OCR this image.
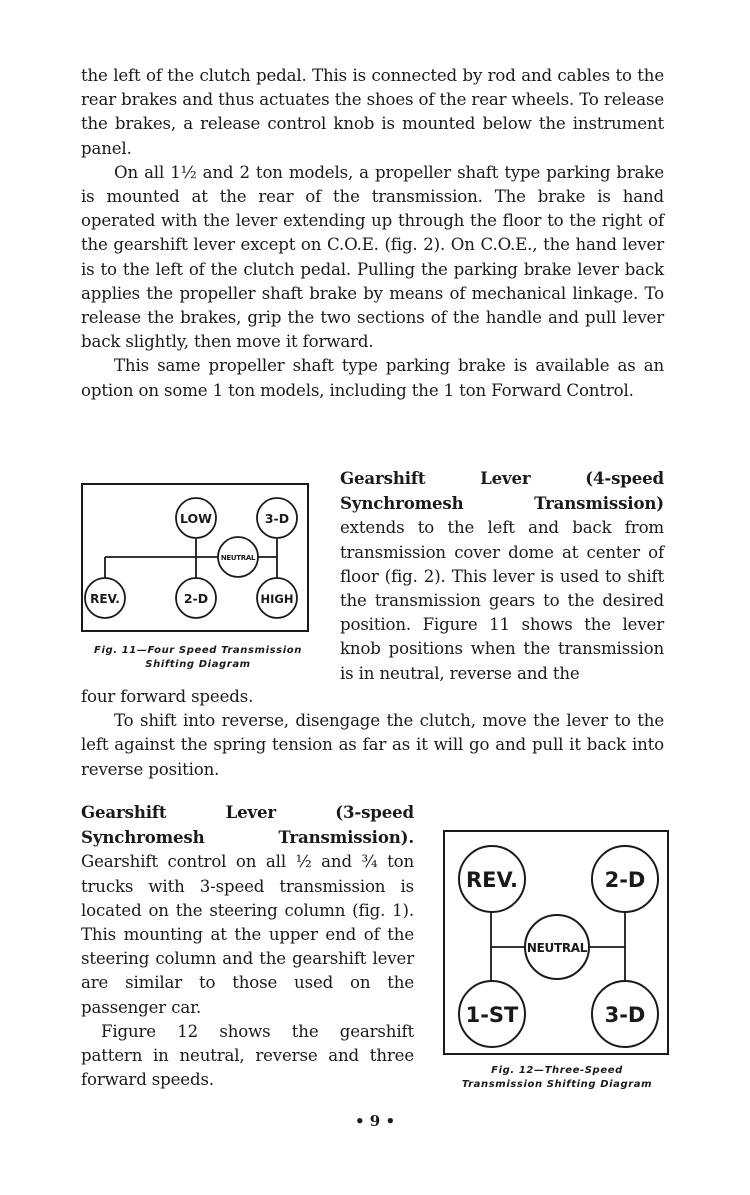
the left of the clutch pedal. This is connected by rod and cables to the rear brakes and thus actuates the shoes of the rear wheels. To release the brakes, a release control knob is mounted below the instrument panel.

On all 1½ and 2 ton models, a propeller shaft type parking brake is mounted at the rear of the transmission. The brake is hand operated with the lever extending up through the floor to the right of the gearshift lever except on C.O.E. (fig. 2). On C.O.E., the hand lever is to the left of the clutch pedal. Pulling the parking brake lever back applies the propeller shaft brake by means of mechanical linkage. To release the brakes, grip the two sections of the handle and pull lever back slightly, then move it forward.

This same propeller shaft type parking brake is available as an option on some 1 ton models, including the 1 ton Forward Control.

LOW	3-D
NEUTRAL
REV.	2-D	HIGH
Fig. 11—Four Speed Transmission
Shifting Diagram

Gearshift Lever (4-speed Synchromesh Transmission) extends to the left and back from transmission cover dome at center of floor (fig. 2). This lever is used to shift the transmission gears to the desired position. Figure 11 shows the lever knob positions when the transmission is in neutral, reverse and the

four forward speeds.

To shift into reverse, disengage the clutch, move the lever to the left against the spring tension as far as it will go and pull it back into reverse position.

Gearshift Lever (3-speed Synchromesh Transmission). Gearshift control on all ½ and ¾ ton trucks with 3-speed transmission is located on the steering column (fig. 1). This mounting at the upper end of the steering column and the gearshift lever are similar to those used on the passenger car.

Figure 12 shows the gearshift pattern in neutral, reverse and three forward speeds.

REV.	2-D
NEUTRAL
1-ST	3-D
Fig. 12—Three-Speed
Transmission Shifting Diagram
• 9 •
